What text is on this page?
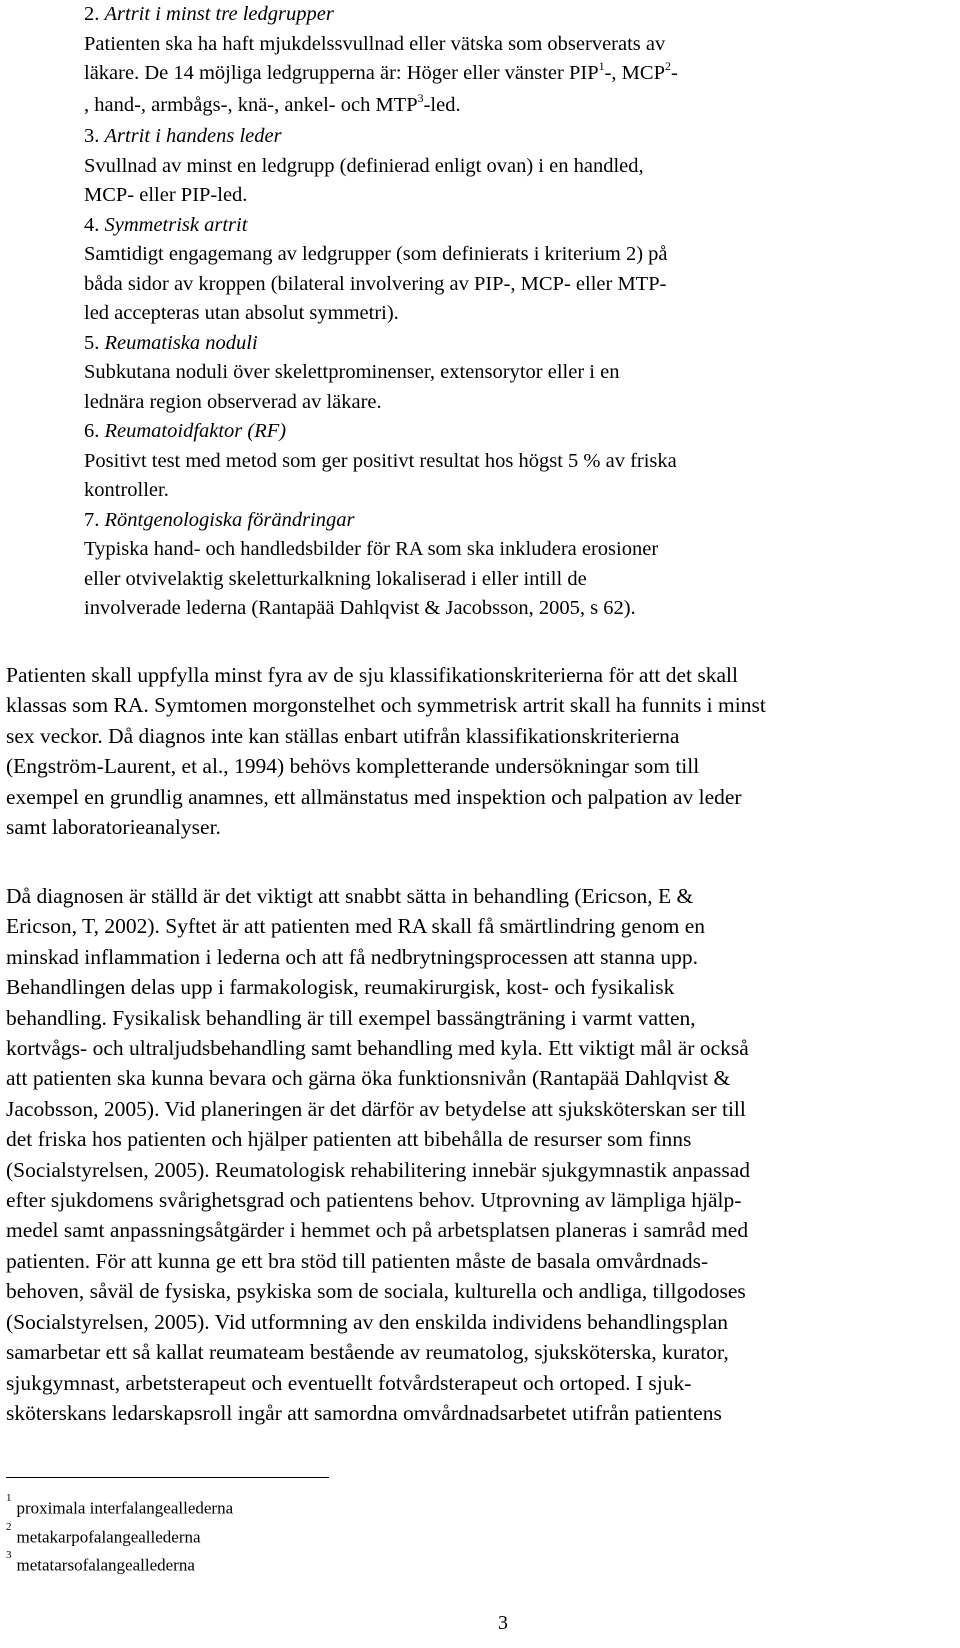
2. Artrit i minst tre ledgrupper
Patienten ska ha haft mjukdelssvullnad eller vätska som observerats av
läkare. De 14 möjliga ledgrupperna är: Höger eller vänster PIP$^1$-, MCP$^2$-
, hand-, armbågs-, knä-, ankel- och MTP$^3$-led.
3. Artrit i handens leder
Svullnad av minst en ledgrupp (definierad enligt ovan) i en handled,
MCP- eller PIP-led.
4. Symmetrisk artrit
Samtidigt engagemang av ledgrupper (som definierats i kriterium 2) på
båda sidor av kroppen (bilateral involvering av PIP-, MCP- eller MTP-
led accepteras utan absolut symmetri).
5. Reumatiska noduli
Subkutana noduli över skelettprominenser, extensorytor eller i en
lednära region observerad av läkare.
6. Reumatoidfaktor (RF)
Positivt test med metod som ger positivt resultat hos högst 5 % av friska
kontroller.
7. Röntgenologiska förändringar
Typiska hand- och handledsbilder för RA som ska inkludera erosioner
eller otvivelaktig skeletturkalkning lokaliserad i eller intill de
involverade lederna (Rantapää Dahlqvist & Jacobsson, 2005, s 62).
Patienten skall uppfylla minst fyra av de sju klassifikationskriterierna för att det skall
klassas som RA. Symtomen morgonstelhet och symmetrisk artrit skall ha funnits i minst
sex veckor. Då diagnos inte kan ställas enbart utifrån klassifikationskriterierna
(Engström-Laurent, et al., 1994) behövs kompletterande undersökningar som till
exempel en grundlig anamnes, ett allmänstatus med inspektion och palpation av leder
samt laboratorieanalyser.
Då diagnosen är ställd är det viktigt att snabbt sätta in behandling (Ericson, E &
Ericson, T, 2002). Syftet är att patienten med RA skall få smärtlindring genom en
minskad inflammation i lederna och att få nedbrytningsprocessen att stanna upp.
Behandlingen delas upp i farmakologisk, reumakirurgisk, kost- och fysikalisk
behandling. Fysikalisk behandling är till exempel bassängträning i varmt vatten,
kortvågs- och ultraljudsbehandling samt behandling med kyla. Ett viktigt mål är också
att patienten ska kunna bevara och gärna öka funktionsnivån (Rantapää Dahlqvist &
Jacobsson, 2005). Vid planeringen är det därför av betydelse att sjuksköterskan ser till
det friska hos patienten och hjälper patienten att bibehålla de resurser som finns
(Socialstyrelsen, 2005). Reumatologisk rehabilitering innebär sjukgymnastik anpassad
efter sjukdomens svårighetsgrad och patientens behov. Utprovning av lämpliga hjälp-
medel samt anpassningsåtgärder i hemmet och på arbetsplatsen planeras i samråd med
patienten. För att kunna ge ett bra stöd till patienten måste de basala omvårdnads-
behoven, såväl de fysiska, psykiska som de sociala, kulturella och andliga, tillgodoses
(Socialstyrelsen, 2005). Vid utformning av den enskilda individens behandlingsplan
samarbetar ett så kallat reumateam bestående av reumatolog, sjuksköterska, kurator,
sjukgymnast, arbetsterapeut och eventuellt fotvårdsterapeut och ortoped. I sjuk-
sköterskans ledarskapsroll ingår att samordna omvårdnadsarbetet utifrån patientens
$^1$proximala interfalangeallederna
$^2$metakarpofalangeallederna
$^3$metatarsofalangeallederna
3
